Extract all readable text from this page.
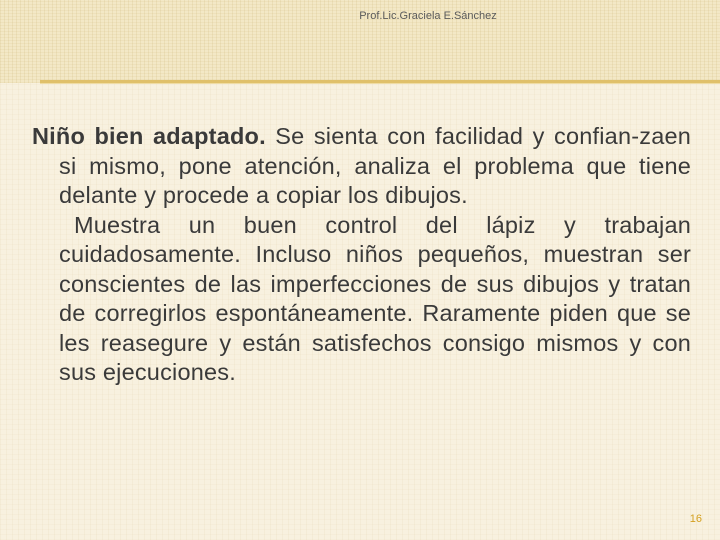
Prof.Lic.Graciela E.Sánchez

Niño bien adaptado. Se sienta con facilidad y confian-zaen si mismo, pone atención, analiza el problema que tiene delante y procede a copiar los dibujos.

Muestra un buen control del lápiz y trabajan cuidadosamente. Incluso niños pequeños, muestran ser conscientes de las imperfecciones de sus dibujos y tratan de corregirlos espontáneamente. Raramente piden que se les reasegure y están satisfechos consigo mismos y con sus ejecuciones.

16
